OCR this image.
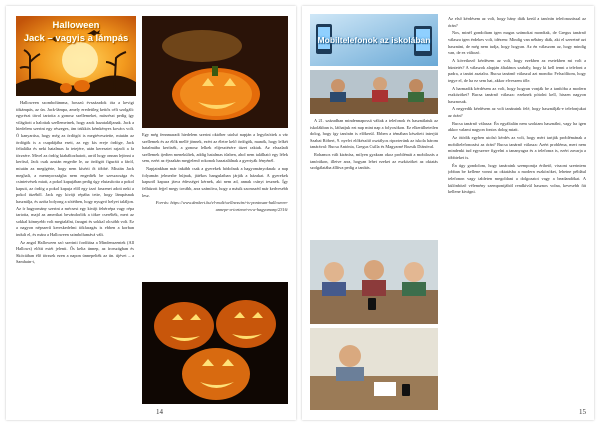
Halloween
Jack – vagyis a lámpás

Halloween szombolúmma, hosszú évszázadok óta a kevigi tökámpás, az ún. Jack-lámpa, amely eredetileg kettős célt szolgált: egyrészt távol tartotta a gonosz szellemeket, másrészt pedig így világított a halottak szellemeinek, hogy azok hazataláljanak. Jack a hiedelem szerint egy részeges, ám trükkös kémkényes kovács volt. Ó kanyarúsa, hogy még az ördögöt is megtévesztette, miután az ördögök is a csapdájába esett, az egy kis ereje ördöge, Jack feltalálta és neki hatalmas fa tetejére, után keresztet rajzolt a fa törzsére. Mivel az ördög kiabáltozhatott, arról hogy onnan lejönni a kerítsd, Jack csak azután engedte le, az ördögöt figuráit a fáról, miután az megígérte, hogy nem kísérti őt többé. Miután Jack meghalt, a mennyországba nem engedték be szeszacsága és csintetvések miatt, a pokol kapujában pedig úgy elutasította a pokol kapuit, az ördög a pokol kapuja elől egy izzó faszenet adott neki a pokol tüzéből. Jack egy kivájt répába tette, hogy lámpásnak használja, és azóta bolyong a sötétben, hogy nyugvó helyet találjon. Az ír hagyomány szerint a mécsest egy kivájt fehérrépa vagy répa tartotta, majd az amerikai bevándorlók a tökre cserélték, mert az sokkal könnyebb volt megtalálni, faragni és sokkal olcsóbb volt. Ez a nagyon népszerű kereskedelmi tökfaragás is ebben a korban indult el, és mára a Halloween szimbólumává vált.

Az angol Halloween szó szerinti fordítása a Mindenszentek (All Hallows) előtti estét jelenti. Ős kelta ünnep, az írországban és Skóciában élő törzsek ezen a napon ünnepelték az ún. újévet – a Samhain-t,

Egy még fennmaradt hiedelem szerint október utolsó napján a legyőzöttek a vár szellemek és az élők mellé jönnek, ezért az életre kelő ördögök, manók, hogy lelkét hatalmába kerítsék, a gonosz lelkek elijesztésére tüzet raktak. Az elszaladt szellemek ijedten menekültek, addig hatalmas tűzben, ahol nem található egy lélek sem, ezért az éjszakán megjelenő rokonok hazatalálnak a gyertyák fényénél.

Napjainkban már inkább csak a gyerekek hódolnak a hagyományoknak: a nap folyamán jelmezbe bújnak, játékos hangulatban járják a házakat. A gyerekek kapuról kapura járva édességet kérnek, aki nem ad, annak csínyt tesznek. Így felhúzott fejjel megy tovább, arra számítva, hogy a másik szomszéd már kedvesebb lesz.

Forrás: https://www.denkert.hu/el-mult/wellness/mi-is-pontosan-halloween-unnepe-a-tortenet-es-a-hagyomany/2316/

14
Mobiltelefonok az iskolában

A 21. században mindennapossá váltak a telefonok és használatuk az iskolákban is, láthatjuk ezt nap mint nap a folyosókon. Ez elkerülhetetlen dolog, hogy így tanórán is előkerül. Ebben a témában készített interjút Szabai Róbert, 9. nyelvi előkészítő osztályos riporterünk az iskola három tanárával: Bucsa Antónia, Gregus Csilla és Magyarné Bozsik Diánóval.

Rohamos vált kiránísz, milyen gyakran okoz problémát a mobilozás a tanórákon, illetve arra, hogyan lehet ezeket az eszközöket az oktatás szolgálatába állítva pedig a tanítás.

Az első kérdésem az volt, hogy hány diák kerül a tanórán telefonozással az órán?

Nos, minél gondoltam igen magas számokat mondtak, de Gregus tanárnő válasza igen érdekes volt, idézem: Mindig van néhány diák, aki el szeretné azt hasznáni, de még nem tudja, hogy hogyan. Az én válaszom az, hogy mindig van, de ez változó.

A következő kérdésem az volt, hogy ezekben az esetekben mi volt a büntetés? A válaszok alapján általános szabály, hogy ki kell tenni a telefont a padra, a tanári asztalra. Bucsa tanárnő válaszul azt mondta: Felszólítom, hogy tegye el, de ha ez sem hat, akkor elveszem tőle.

A harmadik kérdésem az volt, hogy hogyan vonják be a tanítóba a modern eszközöket? Bucsa tanárnő válasza: ezeknek pótolni kell, hiszen nagyon hasznosak.

A negyedik kérdésem az volt tanáraink felé, hogy használják-e telefonjukat az órán?

Bucsa tanárnő válasza: Én egyáltalán nem szoktam használni, vagy ha igen akkor valami nagyon fontos dolog miatt.

Az ötödik egyben utolsó kérdés az volt, hogy mért tartják problémának a mobiltelefonozást az órán? Bucsa tanárnő válasza: Azért probléma, mert nem mindenki tud egyszerre figyelni a tananyagra és a telefonra is, ezért zavarja a többieket is.

Én úgy gondolom, hogy tanáraink szempontja érthető, viszont szerintem jobban be kellene vonni az oktatásba a modern eszközöket, lehetne például telefonon vagy tableten megoldani a dolgozatot vagy a beadandókat. A különböző vélemény szempontjából rendkívül hasznos volna, kevesebb fát kellene kivágni.

15
